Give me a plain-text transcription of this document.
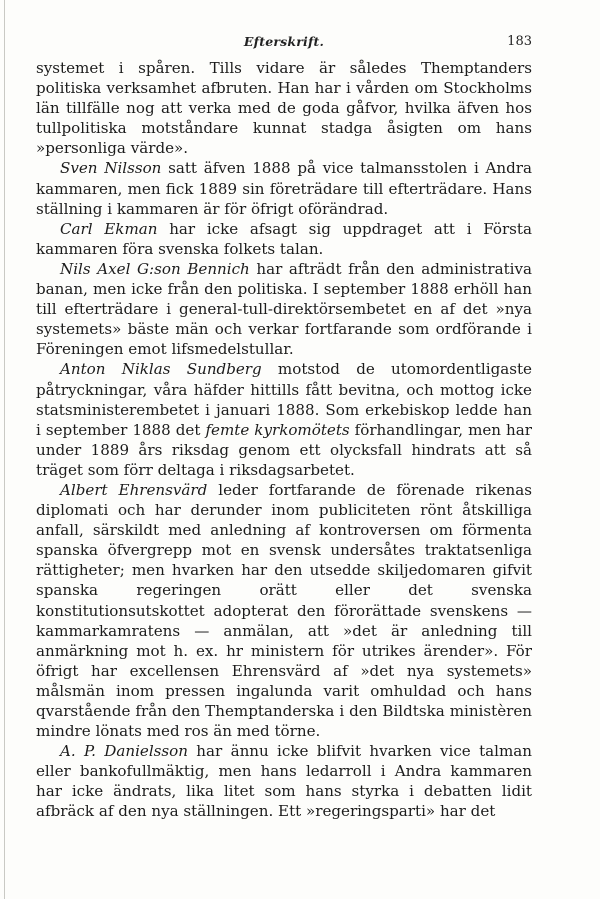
Efterskrift.	183

systemet i spåren. Tills vidare är således Themptanders politiska verksamhet afbruten. Han har i vården om Stockholms län tillfälle nog att verka med de goda gåfvor, hvilka äfven hos tullpolitiska motståndare kunnat stadga åsigten om hans »personliga värde».

Sven Nilsson satt äfven 1888 på vice talmansstolen i Andra kammaren, men fick 1889 sin företrädare till efterträdare. Hans ställning i kammaren är för öfrigt oförändrad.

Carl Ekman har icke afsagt sig uppdraget att i Första kammaren föra svenska folkets talan.

Nils Axel G:son Bennich har afträdt från den administrativa banan, men icke från den politiska. I september 1888 erhöll han till efterträdare i general-tull-direktörsembetet en af det »nya systemets» bäste män och verkar fortfarande som ordförande i Föreningen emot lifsmedelstullar.

Anton Niklas Sundberg motstod de utomordentligaste påtryckningar, våra häfder hittills fått bevitna, och mottog icke statsministerembetet i januari 1888. Som erkebiskop ledde han i september 1888 det femte kyrkomötets förhandlingar, men har under 1889 års riksdag genom ett olycksfall hindrats att så träget som förr deltaga i riksdagsarbetet.

Albert Ehrensvärd leder fortfarande de förenade rikenas diplomati och har derunder inom publiciteten rönt åtskilliga anfall, särskildt med anledning af kontroversen om förmenta spanska öfvergrepp mot en svensk undersåtes traktatsenliga rättigheter; men hvarken har den utsedde skiljedomaren gifvit spanska regeringen orätt eller det svenska konstitutionsutskottet adopterat den förorättade svenskens — kammarkamratens — anmälan, att »det är anledning till anmärkning mot h. ex. hr ministern för utrikes ärender». För öfrigt har excellensen Ehrensvärd af »det nya systemets» målsmän inom pressen ingalunda varit omhuldad och hans qvarstående från den Themptanderska i den Bildtska ministèren mindre lönats med ros än med törne.

A. P. Danielsson har ännu icke blifvit hvarken vice talman eller bankofullmäktig, men hans ledarroll i Andra kammaren har icke ändrats, lika litet som hans styrka i debatten lidit afbräck af den nya ställningen. Ett »regeringsparti» har det
